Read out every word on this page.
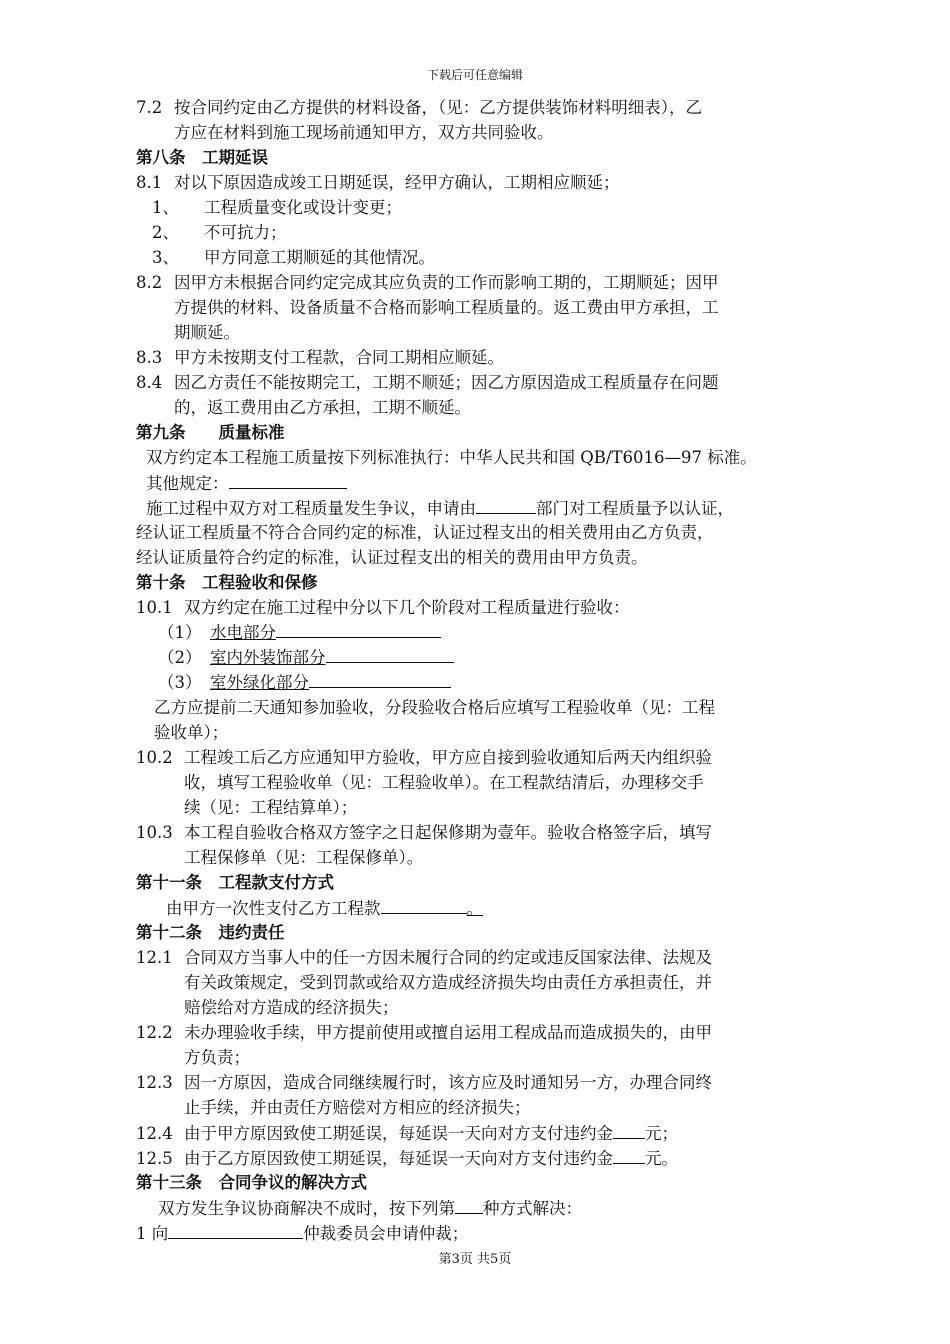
下载后可任意编辑
7.2 按合同约定由乙方提供的材料设备，（见：乙方提供装饰材料明细表），乙
方应在材料到施工现场前通知甲方，双方共同验收。
第八条　工期延误
8.1 对以下原因造成竣工日期延误，经甲方确认，工期相应顺延；
1、 工程质量变化或设计变更；
2、 不可抗力；
3、 甲方同意工期顺延的其他情况。
8.2 因甲方未根据合同约定完成其应负责的工作而影响工期的，工期顺延；因甲
方提供的材料、设备质量不合格而影响工程质量的。返工费由甲方承担，工
期顺延。
8.3 甲方未按期支付工程款，合同工期相应顺延。
8.4 因乙方责任不能按期完工，工期不顺延；因乙方原因造成工程质量存在问题
的，返工费用由乙方承担，工期不顺延。
第九条　　质量标准
双方约定本工程施工质量按下列标准执行：中华人民共和国 QB/T6016—97 标准。
其他规定：
施工过程中双方对工程质量发生争议，申请由	部门对工程质量予以认证，
经认证工程质量不符合合同约定的标准，认证过程支出的相关费用由乙方负责，
经认证质量符合约定的标准，认证过程支出的相关的费用由甲方负责。
第十条　工程验收和保修
10.1 双方约定在施工过程中分以下几个阶段对工程质量进行验收：
（1） 水电部分
（2） 室内外装饰部分
（3） 室外绿化部分
乙方应提前二天通知参加验收，分段验收合格后应填写工程验收单（见：工程
验收单）；
10.2 工程竣工后乙方应通知甲方验收，甲方应自接到验收通知后两天内组织验
收，填写工程验收单（见：工程验收单）。在工程款结清后，办理移交手
续（见：工程结算单）；
10.3 本工程自验收合格双方签字之日起保修期为壹年。验收合格签字后，填写
工程保修单（见：工程保修单）。
第十一条　工程款支付方式
由甲方一次性支付乙方工程款	。
第十二条　违约责任
12.1 合同双方当事人中的任一方因未履行合同的约定或违反国家法律、法规及
有关政策规定，受到罚款或给双方造成经济损失均由责任方承担责任，并
赔偿给对方造成的经济损失；
12.2 未办理验收手续，甲方提前使用或擅自运用工程成品而造成损失的，由甲
方负责；
12.3 因一方原因，造成合同继续履行时，该方应及时通知另一方，办理合同终
止手续，并由责任方赔偿对方相应的经济损失；
12.4 由于甲方原因致使工期延误，每延误一天向对方支付违约金 元；
12.5 由于乙方原因致使工期延误，每延误一天向对方支付违约金 元。
第十三条　合同争议的解决方式
双方发生争议协商解决不成时，按下列第 种方式解决：
1 向	仲裁委员会申请仲裁；
第3页 共5页
